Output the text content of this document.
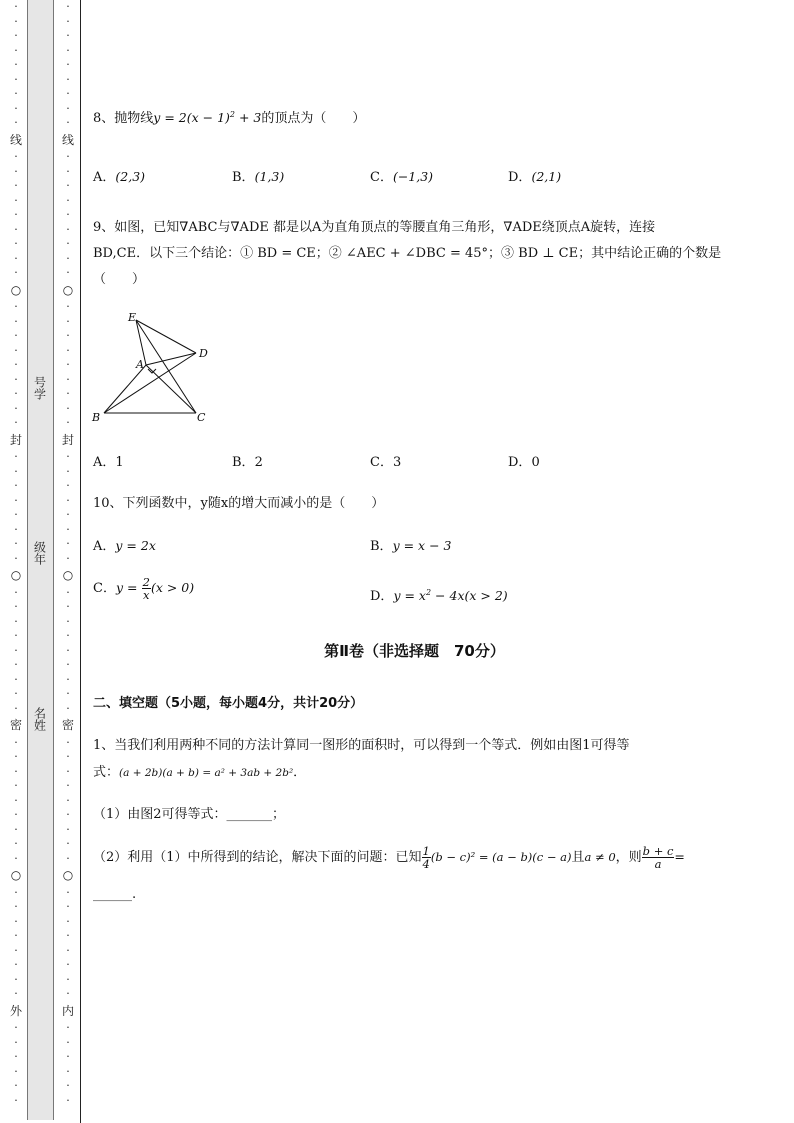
·
·
·
·
·
·
·
·
·
线
·
·
·
·
·
·
·
·
·
○
·
·
·
·
·
·
·
·
·
封
·
·
·
·
·
·
·
·
○
·
·
·
·
·
·
·
·
·
密
·
·
·
·
·
·
·
·
·
○
·
·
·
·
·
·
·
·
外
·
·
·
·
·
·
·
·
·
·
·
·
·
·
·
线
·
·
·
·
·
·
·
·
·
○
·
·
·
·
·
·
·
·
·
封
·
·
·
·
·
·
·
·
○
·
·
·
·
·
·
·
·
·
密
·
·
·
·
·
·
·
·
·
○
·
·
·
·
·
·
·
·
内
·
·
·
·
·
·
号学
级年
名姓
8、抛物线$y = 2(x - 1)^2 + 3$的顶点为（　　）
A．(2,3)	B．(1,3)	C．(−1,3)	D．(2,1)
9、如图，已知∇ABC与∇ADE 都是以A为直角顶点的等腰直角三角形，∇ADE绕顶点A旋转，连接
BD,CE．以下三个结论：① BD = CE；② ∠AEC + ∠DBC = 45°；③ BD ⊥ CE；其中结论正确的个数是
（　　）
E
D
A
B	C
A．1	B．2	C．3	D．0
10、下列函数中，y随x的增大而减小的是（　　）
A．y = 2x	B．y = x − 3
C．$y = \frac{2}{x} (x > 0)$
D．$y = x^2 - 4x(x > 2)$
第Ⅱ卷（非选择题　70分）
二、填空题（5小题，每小题4分，共计20分）
1、当我们利用两种不同的方法计算同一图形的面积时，可以得到一个等式．例如由图1可得等
式：(a + 2b)(a + b) = a² + 3ab + 2b²．
（1）由图2可得等式：_______；
（2）利用（1）中所得到的结论，解决下面的问题：已知 $\frac{1}{4} (b - c)^2 = (a - b)(c - a)$且a ≠ 0，则 $\frac{b + c}{a}$ =
______.
